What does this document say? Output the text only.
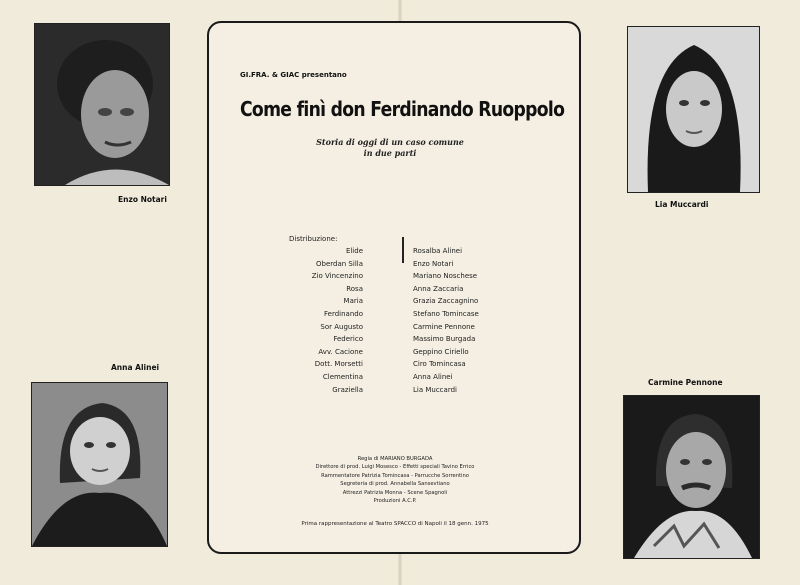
Enzo Notari
Lia Muccardi
Anna Alinei
Carmine Pennone
GI.FRA. & GIAC presentano
Come finì don Ferdinando Ruoppolo
Storia di oggi di un caso comune
in due parti
Distribuzione:
Elide	Rosalba Alinei
Oberdan Silla	Enzo Notari
Zio Vincenzino	Mariano Noschese
Rosa	Anna Zaccaria
Maria	Grazia Zaccagnino
Ferdinando	Stefano Tomincase
Sor Augusto	Carmine Pennone
Federico	Massimo Burgada
Avv. Cacione	Geppino Ciriello
Dott. Morsetti	Ciro Tomincasa
Clementina	Anna Alinei
Graziella	Lia Muccardi
Regia di MARIANO BURGADA
Direttore di prod. Luigi Mosesco - Effetti speciali Tavino Errico
Rammentatore Patrizia Tomincasa - Parrucche Sorrentino
Segreteria di prod. Annabella Sansevtiano
Attrezzi Patrizia Monna - Scene Spagnoli
Produzioni A.C.P.
Prima rappresentazione al Teatro SPACCO di Napoli il 18 genn. 1975
